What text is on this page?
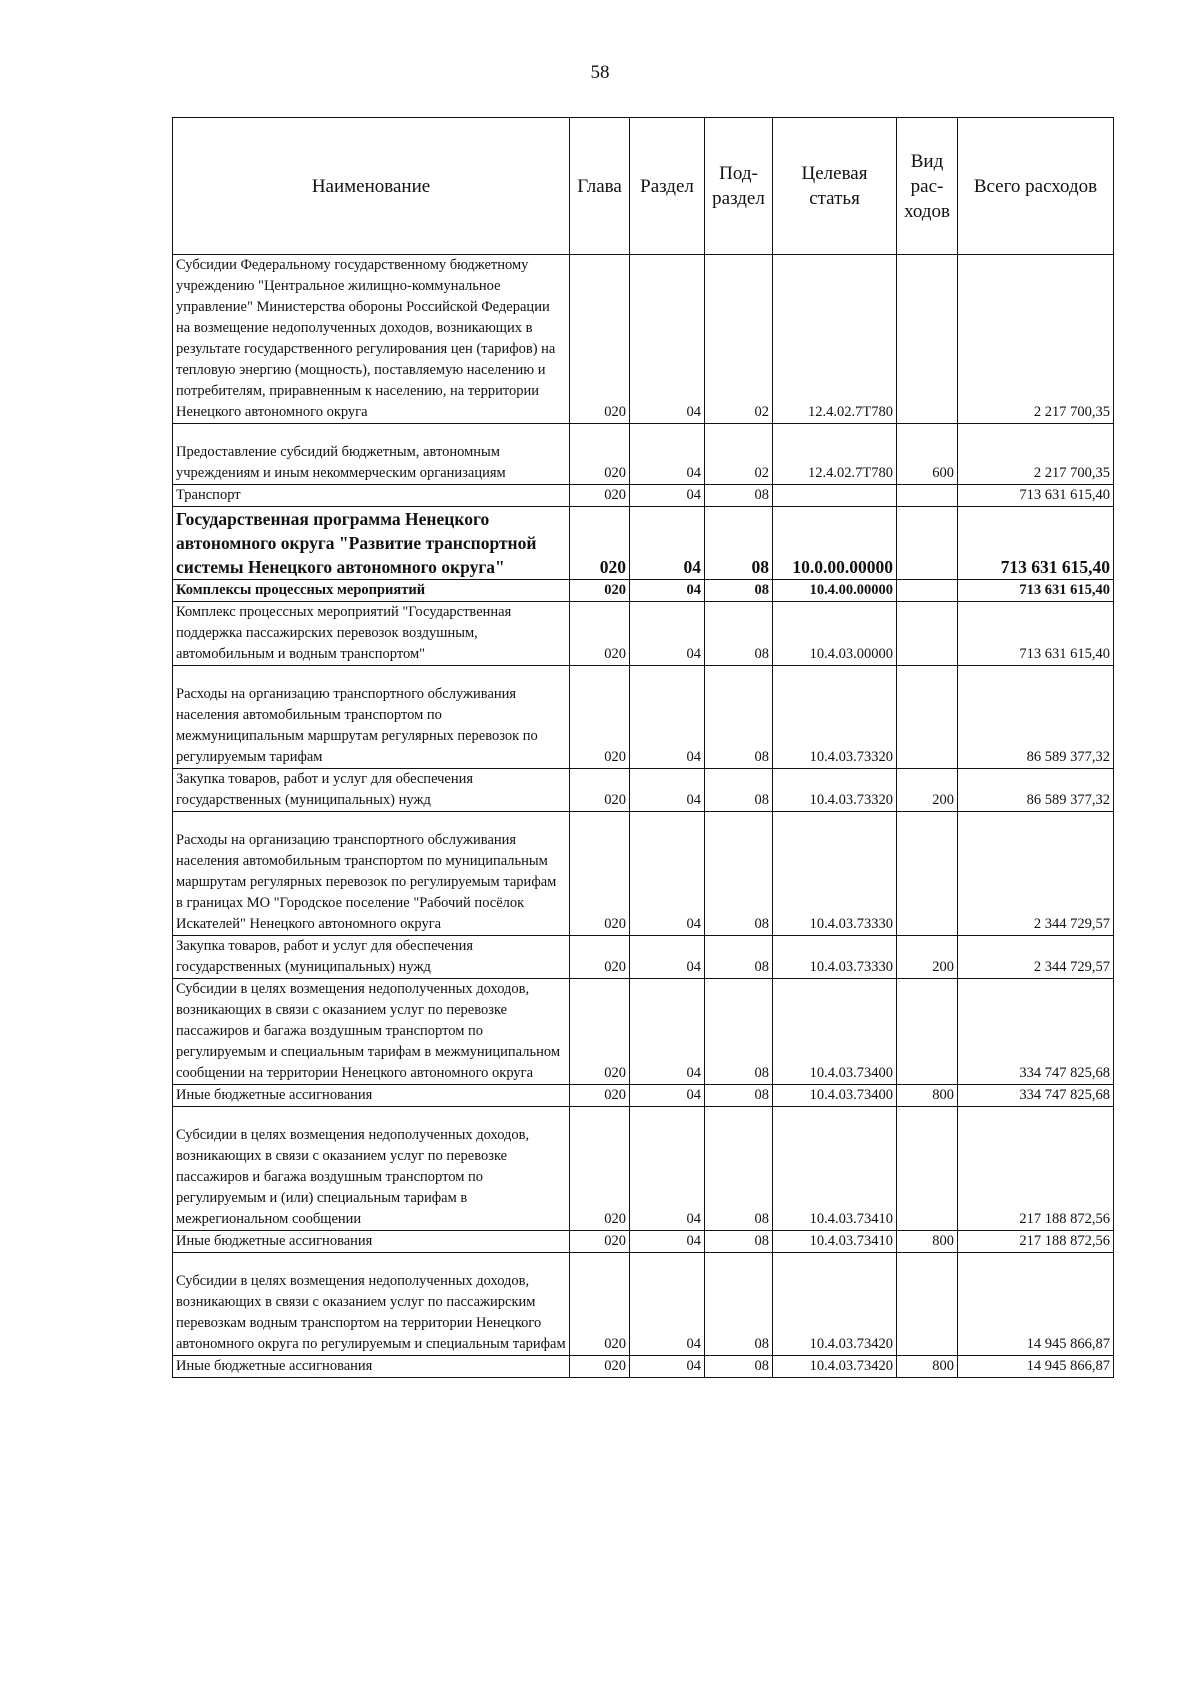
58
Наименование	Глава	Раздел	Под-раздел	Целевая статья	Вид рас-ходов	Всего расходов
Субсидии Федеральному государственному бюджетному учреждению "Центральное жилищно-коммунальное управление" Министерства обороны Российской Федерации на возмещение недополученных доходов, возникающих в результате государственного регулирования цен (тарифов) на тепловую энергию (мощность), поставляемую населению и потребителям, приравненным к населению, на территории Ненецкого автономного округа	020	04	02	12.4.02.7Т780		2 217 700,35
Предоставление субсидий бюджетным, автономным учреждениям и иным некоммерческим организациям	020	04	02	12.4.02.7Т780	600	2 217 700,35
Транспорт	020	04	08			713 631 615,40
Государственная программа Ненецкого автономного округа "Развитие транспортной системы Ненецкого автономного округа"	020	04	08	10.0.00.00000		713 631 615,40
Комплексы процессных мероприятий	020	04	08	10.4.00.00000		713 631 615,40
Комплекс процессных мероприятий "Государственная поддержка пассажирских перевозок воздушным, автомобильным и водным транспортом"	020	04	08	10.4.03.00000		713 631 615,40
Расходы на организацию транспортного обслуживания населения автомобильным транспортом по межмуниципальным маршрутам регулярных перевозок по регулируемым тарифам	020	04	08	10.4.03.73320		86 589 377,32
Закупка товаров, работ и услуг для обеспечения государственных (муниципальных) нужд	020	04	08	10.4.03.73320	200	86 589 377,32
Расходы на организацию транспортного обслуживания населения автомобильным транспортом по муниципальным маршрутам регулярных перевозок по регулируемым тарифам в границах МО "Городское поселение "Рабочий посёлок Искателей" Ненецкого автономного округа	020	04	08	10.4.03.73330		2 344 729,57
Закупка товаров, работ и услуг для обеспечения государственных (муниципальных) нужд	020	04	08	10.4.03.73330	200	2 344 729,57
Субсидии в целях возмещения недополученных доходов, возникающих в связи с оказанием услуг по перевозке пассажиров и багажа воздушным транспортом по регулируемым и специальным тарифам в межмуниципальном сообщении на территории Ненецкого автономного округа	020	04	08	10.4.03.73400		334 747 825,68
Иные бюджетные ассигнования	020	04	08	10.4.03.73400	800	334 747 825,68
Субсидии в целях возмещения недополученных доходов, возникающих в связи с оказанием услуг по перевозке пассажиров и багажа воздушным транспортом по регулируемым и (или) специальным тарифам в межрегиональном сообщении	020	04	08	10.4.03.73410		217 188 872,56
Иные бюджетные ассигнования	020	04	08	10.4.03.73410	800	217 188 872,56
Субсидии в целях возмещения недополученных доходов, возникающих в связи с оказанием услуг по пассажирским перевозкам водным транспортом на территории Ненецкого автономного округа по регулируемым и специальным тарифам	020	04	08	10.4.03.73420		14 945 866,87
Иные бюджетные ассигнования	020	04	08	10.4.03.73420	800	14 945 866,87
